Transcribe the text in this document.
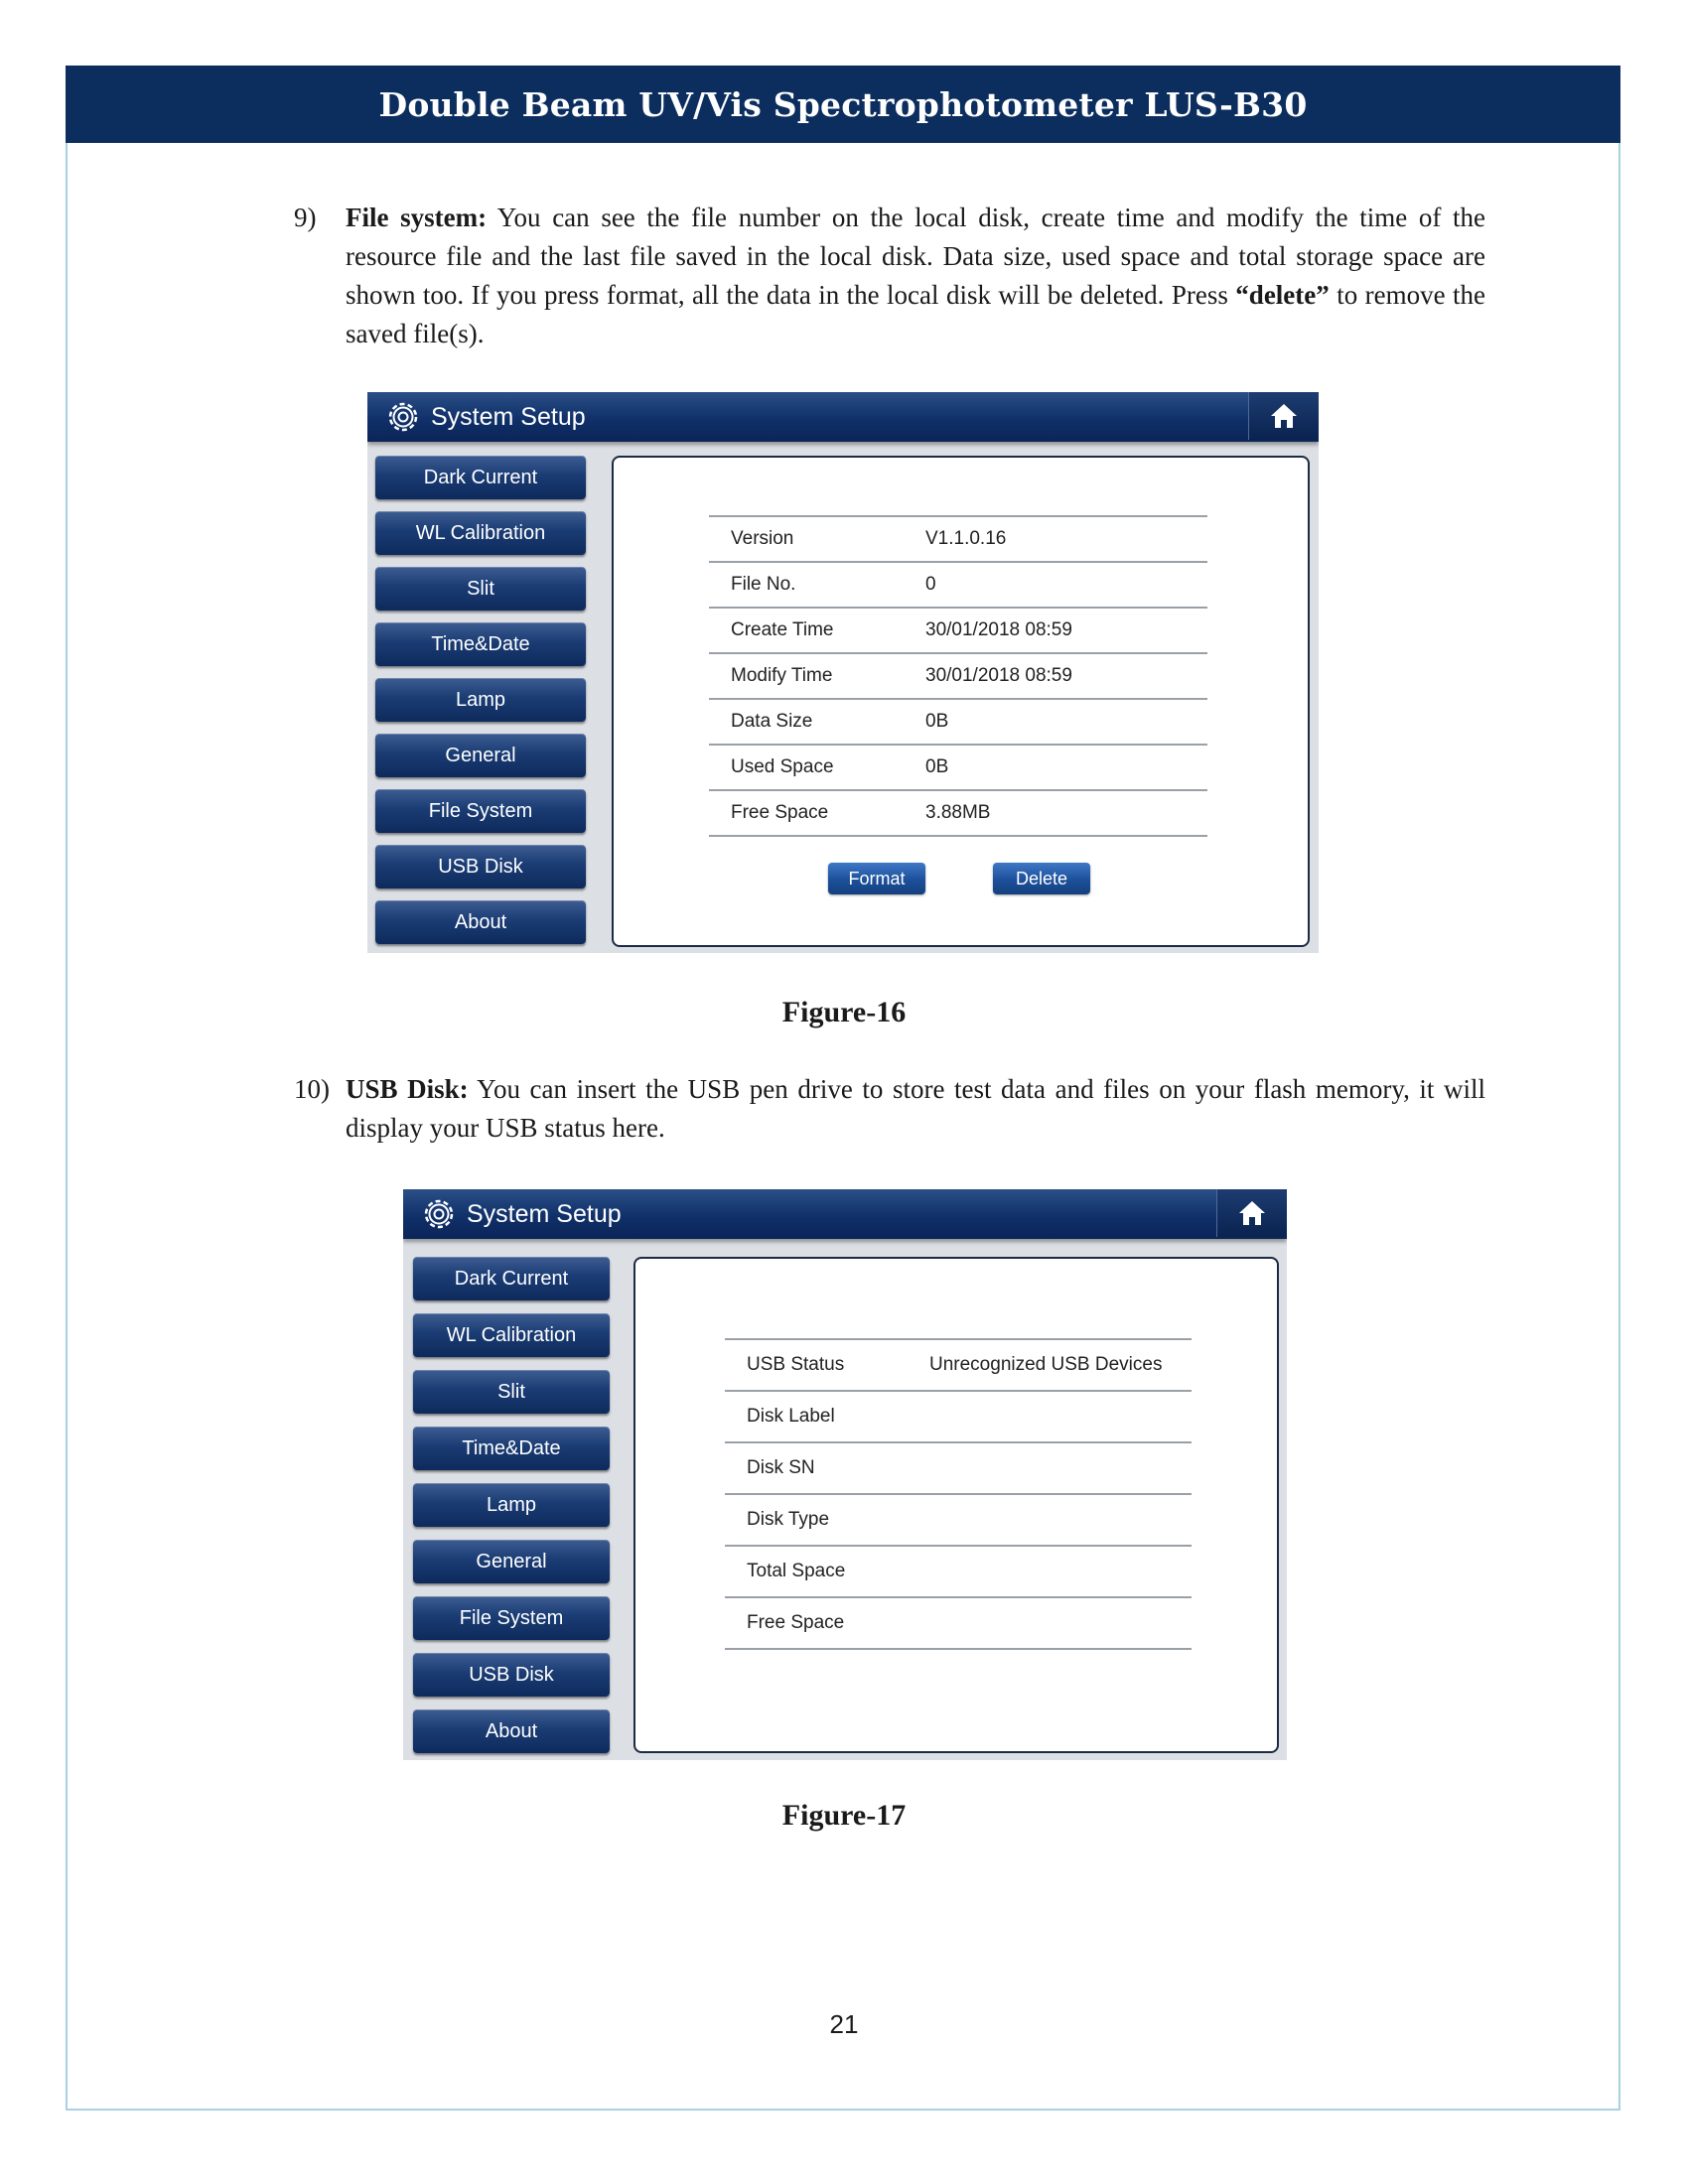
Double Beam UV/Vis Spectrophotometer LUS-B30
9) File system: You can see the file number on the local disk, create time and modify the time of the resource file and the last file saved in the local disk. Data size, used space and total storage space are shown too. If you press format, all the data in the local disk will be deleted. Press “delete” to remove the saved file(s).
System Setup
Dark Current
WL Calibration
Slit
Time&Date
Lamp
General
File System
USB Disk
About
Version	V1.1.0.16
File No.	0
Create Time	30/01/2018 08:59
Modify Time	30/01/2018 08:59
Data Size	0B
Used Space	0B
Free Space	3.88MB
Format	Delete
Figure-16
10) USB Disk: You can insert the USB pen drive to store test data and files on your flash memory, it will display your USB status here.
System Setup
Dark Current
WL Calibration
Slit
Time&Date
Lamp
General
File System
USB Disk
About
USB Status	Unrecognized USB Devices
Disk Label
Disk SN
Disk Type
Total Space
Free Space
Figure-17
21
